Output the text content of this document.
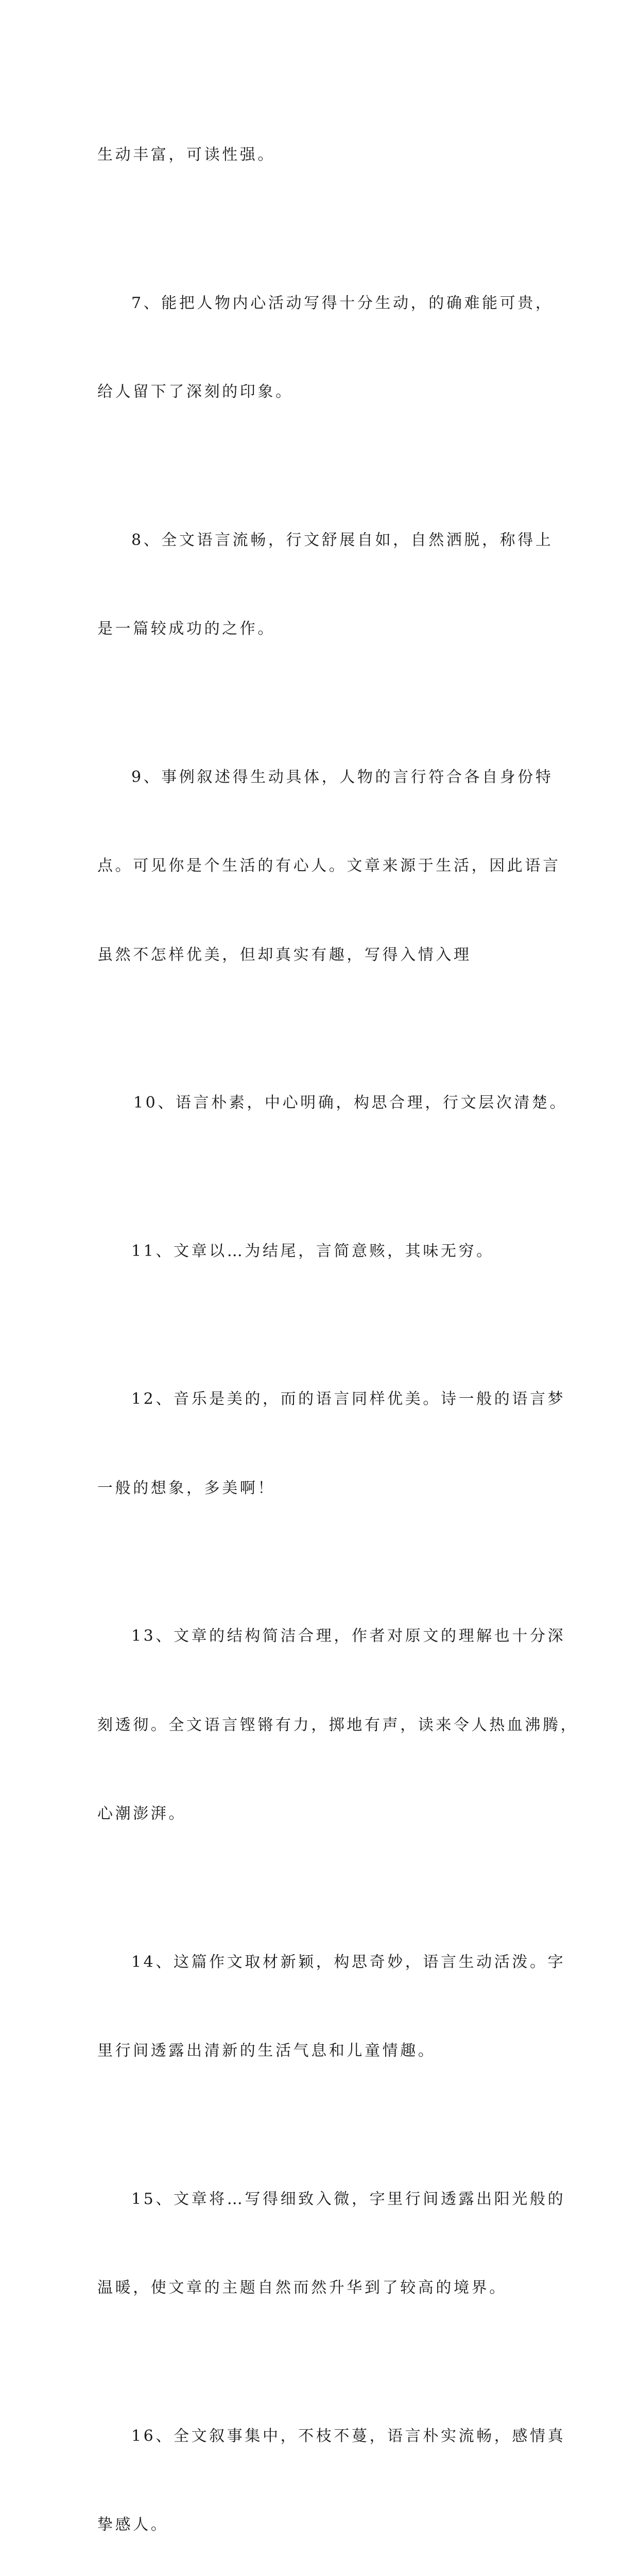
生动丰富，可读性强。

7、能把人物内心活动写得十分生动，的确难能可贵，

给人留下了深刻的印象。

8、全文语言流畅，行文舒展自如，自然洒脱，称得上

是一篇较成功的之作。

9、事例叙述得生动具体，人物的言行符合各自身份特

点。可见你是个生活的有心人。文章来源于生活，因此语言

虽然不怎样优美，但却真实有趣，写得入情入理

10、语言朴素，中心明确，构思合理，行文层次清楚。

11、文章以…为结尾，言简意赅，其味无穷。

12、音乐是美的，而的语言同样优美。诗一般的语言梦

一般的想象，多美啊！

13、文章的结构简洁合理，作者对原文的理解也十分深

刻透彻。全文语言铿锵有力，掷地有声，读来令人热血沸腾，

心潮澎湃。

14、这篇作文取材新颖，构思奇妙，语言生动活泼。字

里行间透露出清新的生活气息和儿童情趣。

15、文章将…写得细致入微，字里行间透露出阳光般的

温暖，使文章的主题自然而然升华到了较高的境界。

16、全文叙事集中，不枝不蔓，语言朴实流畅，感情真

挚感人。
